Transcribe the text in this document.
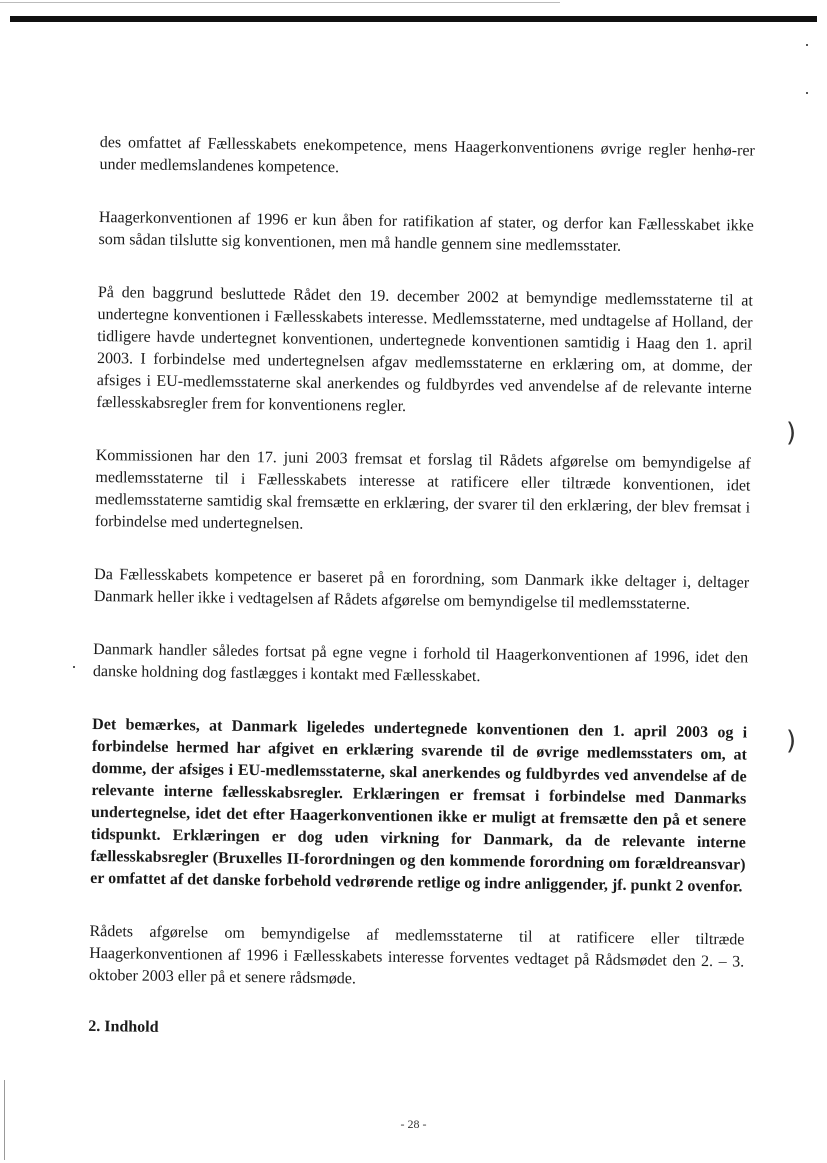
)
)

des omfattet af Fællesskabets enekompetence, mens Haagerkonventionens øvrige regler henhø-rer under medlemslandenes kompetence.

Haagerkonventionen af 1996 er kun åben for ratifikation af stater, og derfor kan Fællesskabet ikke som sådan tilslutte sig konventionen, men må handle gennem sine medlemsstater.

På den baggrund besluttede Rådet den 19. december 2002 at bemyndige medlemsstaterne til at undertegne konventionen i Fællesskabets interesse. Medlemsstaterne, med undtagelse af Holland, der tidligere havde undertegnet konventionen, undertegnede konventionen samtidig i Haag den 1. april 2003. I forbindelse med undertegnelsen afgav medlemsstaterne en erklæring om, at domme, der afsiges i EU-medlemsstaterne skal anerkendes og fuldbyrdes ved anvendelse af de relevante interne fællesskabsregler frem for konventionens regler.

Kommissionen har den 17. juni 2003 fremsat et forslag til Rådets afgørelse om bemyndigelse af medlemsstaterne til i Fællesskabets interesse at ratificere eller tiltræde konventionen, idet medlemsstaterne samtidig skal fremsætte en erklæring, der svarer til den erklæring, der blev fremsat i forbindelse med undertegnelsen.

Da Fællesskabets kompetence er baseret på en forordning, som Danmark ikke deltager i, deltager Danmark heller ikke i vedtagelsen af Rådets afgørelse om bemyndigelse til medlemsstaterne.

Danmark handler således fortsat på egne vegne i forhold til Haagerkonventionen af 1996, idet den danske holdning dog fastlægges i kontakt med Fællesskabet.

Det bemærkes, at Danmark ligeledes undertegnede konventionen den 1. april 2003 og i forbindelse hermed har afgivet en erklæring svarende til de øvrige medlemsstaters om, at domme, der afsiges i EU-medlemsstaterne, skal anerkendes og fuldbyrdes ved anvendelse af de relevante interne fællesskabsregler. Erklæringen er fremsat i forbindelse med Danmarks undertegnelse, idet det efter Haagerkonventionen ikke er muligt at fremsætte den på et senere tidspunkt. Erklæringen er dog uden virkning for Danmark, da de relevante interne fællesskabsregler (Bruxelles II-forordningen og den kommende forordning om forældreansvar) er omfattet af det danske forbehold vedrørende retlige og indre anliggender, jf. punkt 2 ovenfor.

Rådets afgørelse om bemyndigelse af medlemsstaterne til at ratificere eller tiltræde Haagerkonventionen af 1996 i Fællesskabets interesse forventes vedtaget på Rådsmødet den 2. – 3. oktober 2003 eller på et senere rådsmøde.

2. Indhold
- 28 -
